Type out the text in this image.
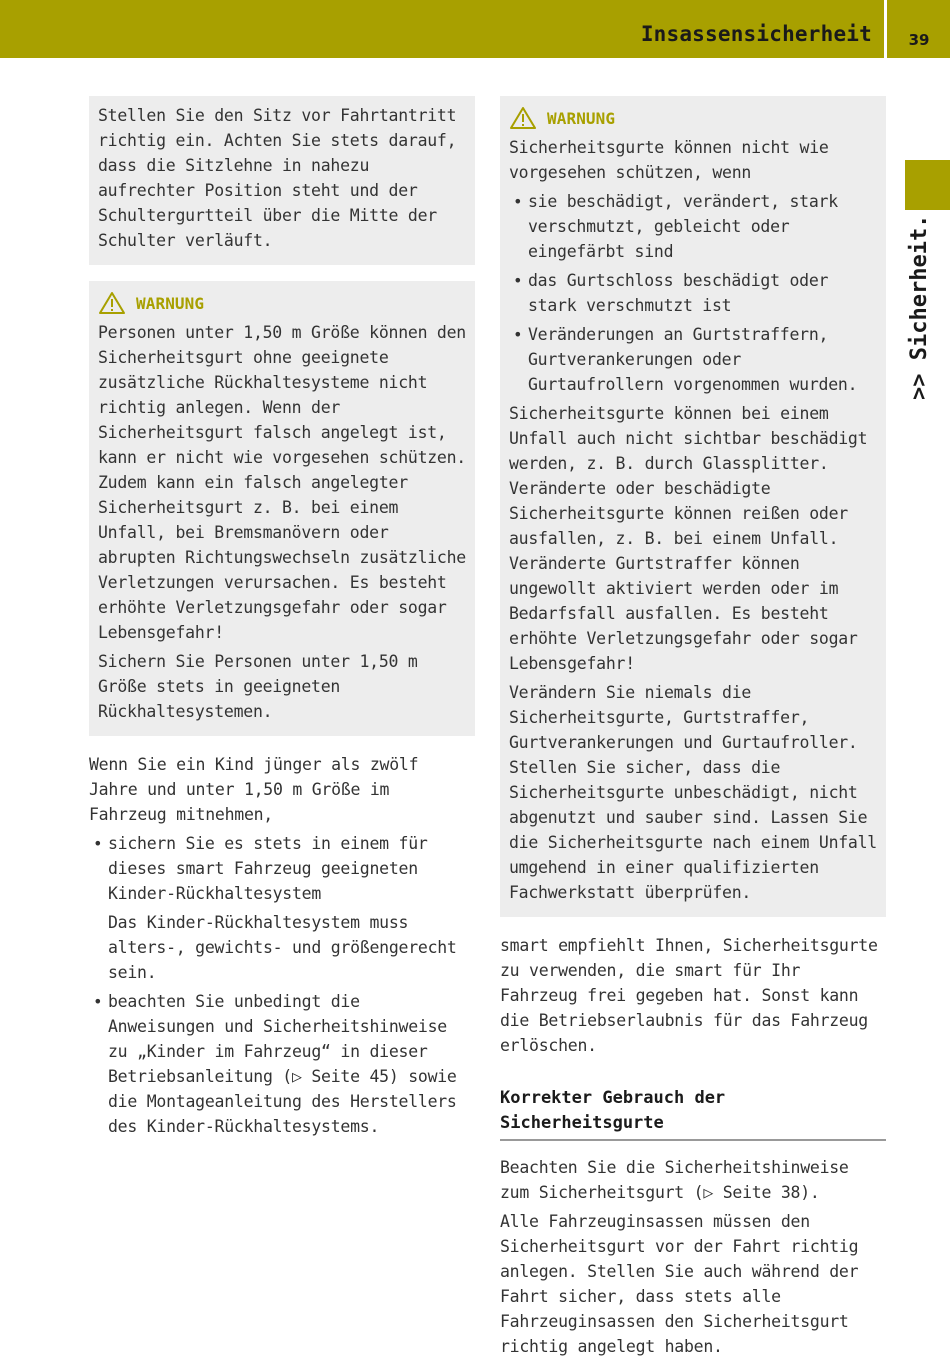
Insassensicherheit	39
>> Sicherheit.

Stellen Sie den Sitz vor Fahrtantritt richtig ein. Achten Sie stets darauf, dass die Sitzlehne in nahezu aufrechter Position steht und der Schultergurtteil über die Mitte der Schulter verläuft.

WARNUNG

Personen unter 1,50 m Größe können den Sicherheitsgurt ohne geeignete zusätzliche Rückhaltesysteme nicht richtig anlegen. Wenn der Sicherheitsgurt falsch angelegt ist, kann er nicht wie vorgesehen schützen. Zudem kann ein falsch angelegter Sicherheitsgurt z. B. bei einem Unfall, bei Bremsmanövern oder abrupten Richtungswechseln zusätzliche Verletzungen verursachen. Es besteht erhöhte Verletzungsgefahr oder sogar Lebensgefahr!

Sichern Sie Personen unter 1,50 m Größe stets in geeigneten Rückhaltesystemen.

Wenn Sie ein Kind jünger als zwölf Jahre und unter 1,50 m Größe im Fahrzeug mitnehmen,

• sichern Sie es stets in einem für dieses smart Fahrzeug geeigneten Kinder-Rückhaltesystem

Das Kinder-Rückhaltesystem muss alters-, gewichts- und größengerecht sein.

• beachten Sie unbedingt die Anweisungen und Sicherheitshinweise zu „Kinder im Fahrzeug“ in dieser Betriebsanleitung (▷ Seite 45) sowie die Montageanleitung des Herstellers des Kinder-Rückhaltesystems.

WARNUNG

Sicherheitsgurte können nicht wie vorgesehen schützen, wenn

• sie beschädigt, verändert, stark verschmutzt, gebleicht oder eingefärbt sind

• das Gurtschloss beschädigt oder stark verschmutzt ist

• Veränderungen an Gurtstraffern, Gurtverankerungen oder Gurtaufrollern vorgenommen wurden.

Sicherheitsgurte können bei einem Unfall auch nicht sichtbar beschädigt werden, z. B. durch Glassplitter. Veränderte oder beschädigte Sicherheitsgurte können reißen oder ausfallen, z. B. bei einem Unfall. Veränderte Gurtstraffer können ungewollt aktiviert werden oder im Bedarfsfall ausfallen. Es besteht erhöhte Verletzungsgefahr oder sogar Lebensgefahr!

Verändern Sie niemals die Sicherheitsgurte, Gurtstraffer, Gurtverankerungen und Gurtaufroller. Stellen Sie sicher, dass die Sicherheitsgurte unbeschädigt, nicht abgenutzt und sauber sind. Lassen Sie die Sicherheitsgurte nach einem Unfall umgehend in einer qualifizierten Fachwerkstatt überprüfen.

smart empfiehlt Ihnen, Sicherheitsgurte zu verwenden, die smart für Ihr Fahrzeug frei gegeben hat. Sonst kann die Betriebserlaubnis für das Fahrzeug erlöschen.

Korrekter Gebrauch der Sicherheitsgurte

Beachten Sie die Sicherheitshinweise zum Sicherheitsgurt (▷ Seite 38).

Alle Fahrzeuginsassen müssen den Sicherheitsgurt vor der Fahrt richtig anlegen. Stellen Sie auch während der Fahrt sicher, dass stets alle Fahrzeuginsassen den Sicherheitsgurt richtig angelegt haben.
